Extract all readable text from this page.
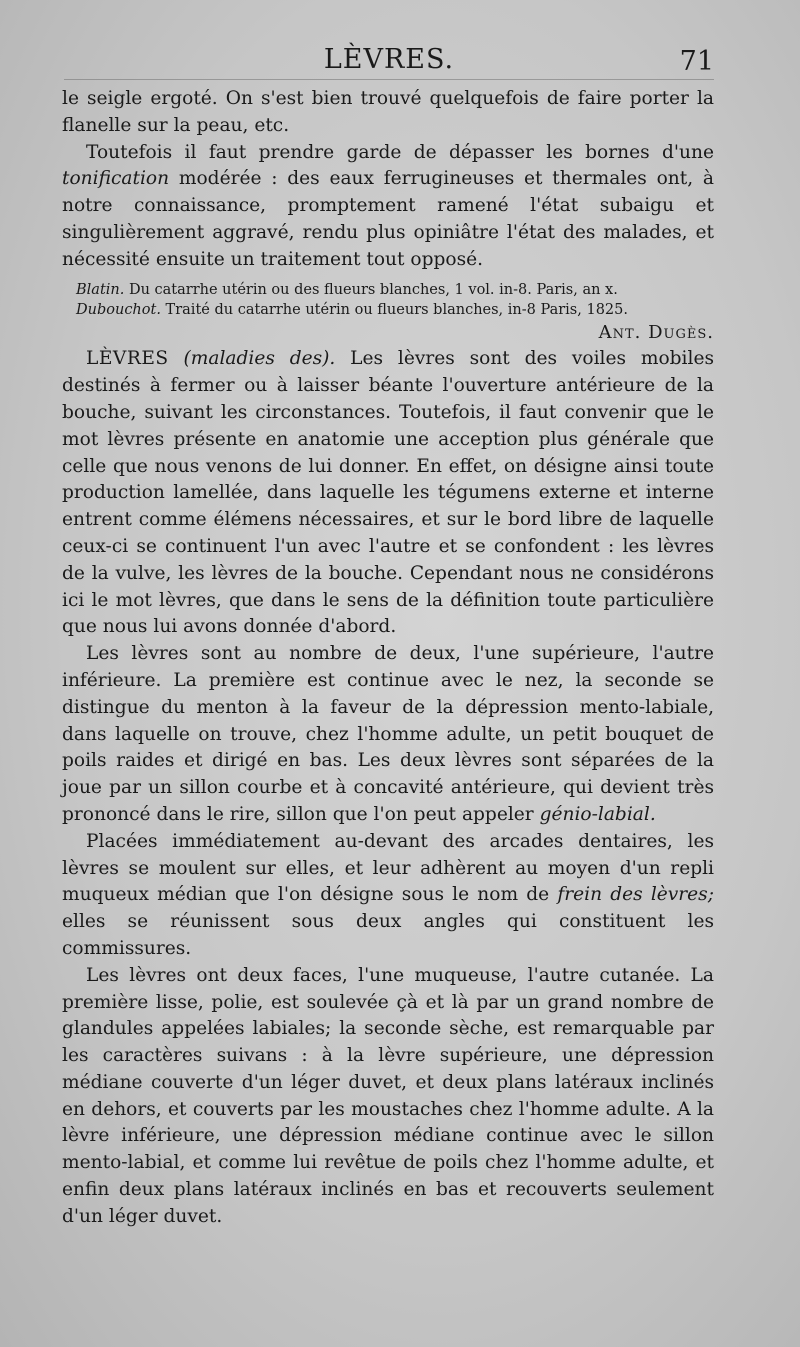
LÈVRES.	71

le seigle ergoté. On s'est bien trouvé quelquefois de faire porter la flanelle sur la peau, etc.

Toutefois il faut prendre garde de dépasser les bornes d'une tonification modérée : des eaux ferrugineuses et thermales ont, à notre connaissance, promptement ramené l'état subaigu et singulièrement aggravé, rendu plus opiniâtre l'état des malades, et nécessité ensuite un traitement tout opposé.

Blatin. Du catarrhe utérin ou des flueurs blanches, 1 vol. in-8. Paris, an x.

Dubouchot. Traité du catarrhe utérin ou flueurs blanches, in-8 Paris, 1825.

Ant. Dugès.

LÈVRES (maladies des). Les lèvres sont des voiles mobiles destinés à fermer ou à laisser béante l'ouverture antérieure de la bouche, suivant les circonstances. Toutefois, il faut convenir que le mot lèvres présente en anatomie une acception plus générale que celle que nous venons de lui donner. En effet, on désigne ainsi toute production lamellée, dans laquelle les tégumens externe et interne entrent comme élémens nécessaires, et sur le bord libre de laquelle ceux-ci se continuent l'un avec l'autre et se confondent : les lèvres de la vulve, les lèvres de la bouche. Cependant nous ne considérons ici le mot lèvres, que dans le sens de la définition toute particulière que nous lui avons donnée d'abord.

Les lèvres sont au nombre de deux, l'une supérieure, l'autre inférieure. La première est continue avec le nez, la seconde se distingue du menton à la faveur de la dépression mento-labiale, dans laquelle on trouve, chez l'homme adulte, un petit bouquet de poils raides et dirigé en bas. Les deux lèvres sont séparées de la joue par un sillon courbe et à concavité antérieure, qui devient très prononcé dans le rire, sillon que l'on peut appeler génio-labial.

Placées immédiatement au-devant des arcades dentaires, les lèvres se moulent sur elles, et leur adhèrent au moyen d'un repli muqueux médian que l'on désigne sous le nom de frein des lèvres; elles se réunissent sous deux angles qui constituent les commissures.

Les lèvres ont deux faces, l'une muqueuse, l'autre cutanée. La première lisse, polie, est soulevée çà et là par un grand nombre de glandules appelées labiales; la seconde sèche, est remarquable par les caractères suivans : à la lèvre supérieure, une dépression médiane couverte d'un léger duvet, et deux plans latéraux inclinés en dehors, et couverts par les moustaches chez l'homme adulte. A la lèvre inférieure, une dépression médiane continue avec le sillon mento-labial, et comme lui revêtue de poils chez l'homme adulte, et enfin deux plans latéraux inclinés en bas et recouverts seulement d'un léger duvet.
